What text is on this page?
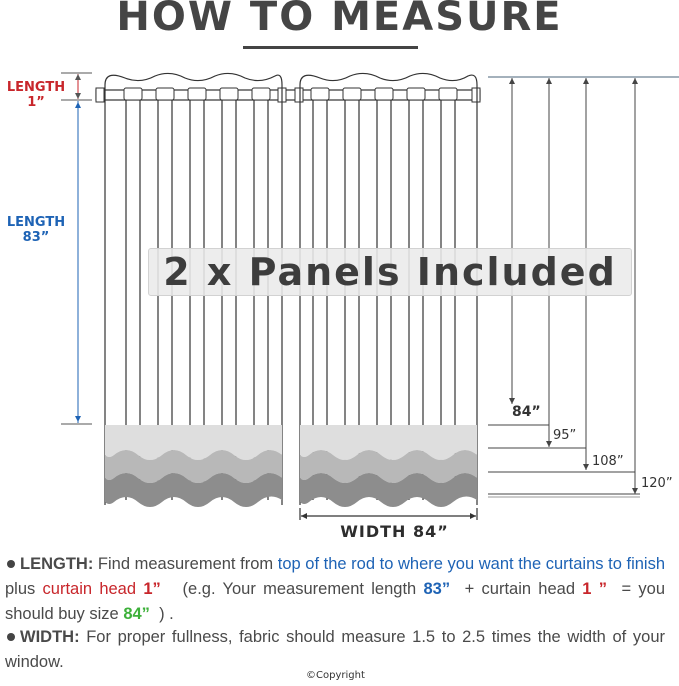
HOW TO MEASURE
LENGTH
1”
LENGTH
83”
2 x Panels Included
84”
95”
108”
120”
WIDTH 84”
LENGTH: Find measurement from top of the rod to where you want the curtains to finish plus curtain head 1”   (e.g. Your measurement length 83”  + curtain head 1 ”  = you should buy size 84”  ) .
WIDTH: For proper fullness, fabric should measure 1.5 to 2.5 times the width of your window.
©Copyright
